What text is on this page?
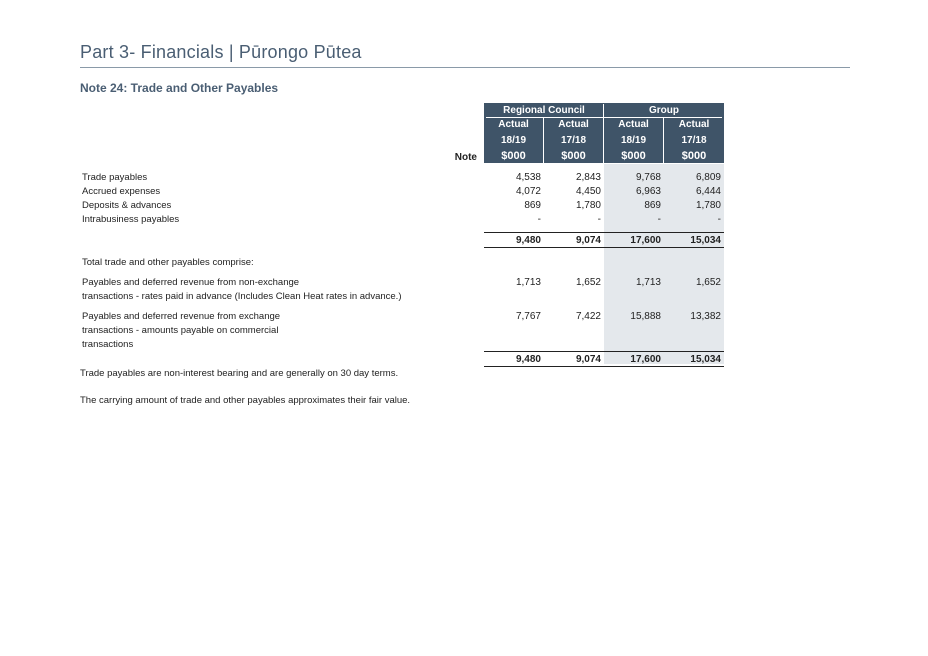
Part 3- Financials | Pūrongo Pūtea
Note 24: Trade and Other Payables
Regional Council	Group
Actual	Actual	Actual	Actual
18/19	17/18	18/19	17/18
$000	$000	$000	$000
Note
Trade payables	4,538	2,843	9,768	6,809
Accrued expenses	4,072	4,450	6,963	6,444
Deposits & advances	869	1,780	869	1,780
Intrabusiness payables	-	-	-	-
9,480	9,074	17,600	15,034
Total trade and other payables comprise:
Payables and deferred revenue from non-exchange
transactions - rates paid in advance (Includes Clean Heat rates in advance.)
1,713	1,652	1,713	1,652
Payables and deferred revenue from exchange
transactions - amounts payable on commercial
transactions
7,767	7,422	15,888	13,382
9,480	9,074	17,600	15,034
Trade payables are non-interest bearing and are generally on 30 day terms.
The carrying amount of trade and other payables approximates their fair value.
